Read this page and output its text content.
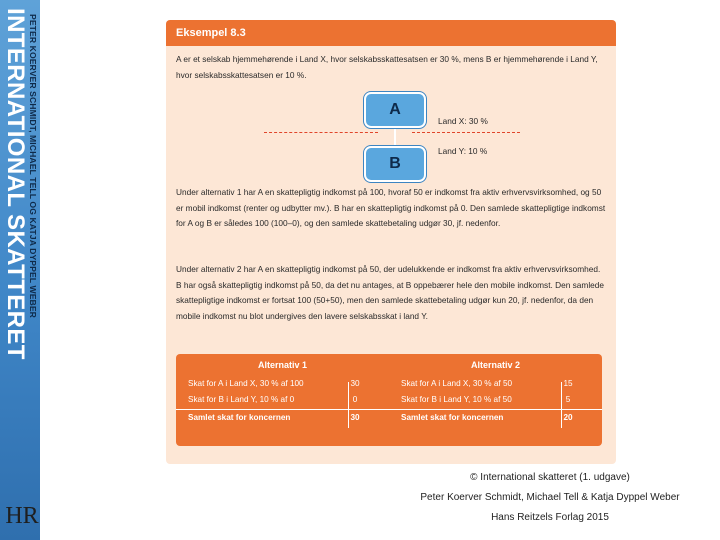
PETER KOERVER SCHMIDT, MICHAEL TELL OG KATJA DYPPEL WEBER
INTERNATIONAL SKATTERET
HR
Eksempel 8.3
A er et selskab hjemmehørende i Land X, hvor selskabsskattesatsen er 30 %, mens B er hjemmehørende i Land Y, hvor selskabsskattesatsen er 10 %.
A
B
Land X: 30 %
Land Y: 10 %
Under alternativ 1 har A en skattepligtig indkomst på 100, hvoraf 50 er indkomst fra aktiv erhvervsvirksomhed, og 50 er mobil indkomst (renter og udbytter mv.). B har en skattepligtig indkomst på 0. Den samlede skattepligtige indkomst for A og B er således 100 (100–0), og den samlede skattebetaling udgør 30, jf. nedenfor.
Under alternativ 2 har A en skattepligtig indkomst på 50, der udelukkende er indkomst fra aktiv erhvervsvirksomhed. B har også skattepligtig indkomst på 50, da det nu antages, at B oppebærer hele den mobile indkomst. Den samlede skattepligtige indkomst er fortsat 100 (50+50), men den samlede skattebetaling udgør kun 20, jf. nedenfor, da den mobile indkomst nu blot undergives den lavere selskabsskat i land Y.
Alternativ 1
Skat for A i Land X, 30 % af 100	30
Skat for B i Land Y, 10 % af 0	0
Samlet skat for koncernen	30
Alternativ 2
Skat for A i Land X, 30 % af 50	15
Skat for B i Land Y, 10 % af 50	5
Samlet skat for koncernen	20
© International skatteret (1. udgave)
Peter Koerver Schmidt, Michael Tell & Katja Dyppel Weber
Hans Reitzels Forlag 2015
